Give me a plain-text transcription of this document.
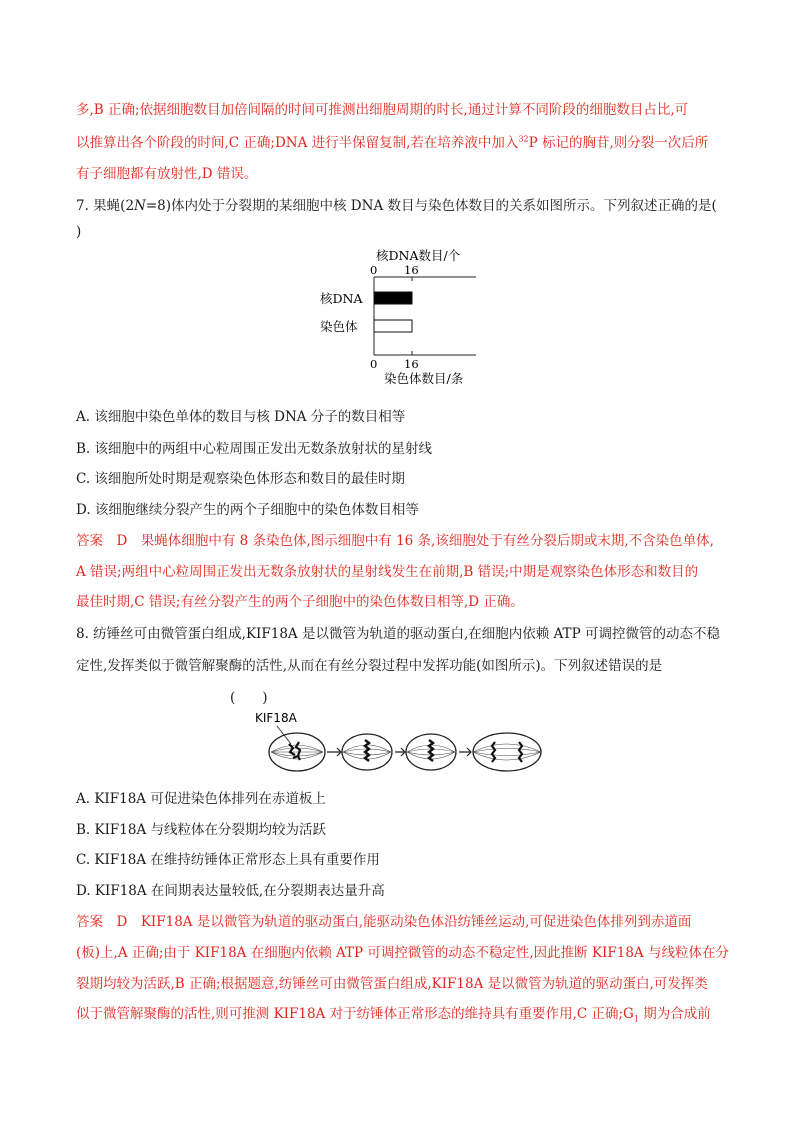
多,B 正确;依据细胞数目加倍间隔的时间可推测出细胞周期的时长,通过计算不同阶段的细胞数目占比,可
以推算出各个阶段的时间,C 正确;DNA 进行半保留复制,若在培养液中加入$^{32}$P 标记的胸苷,则分裂一次后所
有子细胞都有放射性,D 错误。
7. 果蝇(2N=8)体内处于分裂期的某细胞中核 DNA 数目与染色体数目的关系如图所示。下列叙述正确的是(
)
核DNA数目/个
0 16
核DNA
染色体
0 16
染色体数目/条
A. 该细胞中染色单体的数目与核 DNA 分子的数目相等
B. 该细胞中的两组中心粒周围正发出无数条放射状的星射线
C. 该细胞所处时期是观察染色体形态和数目的最佳时期
D. 该细胞继续分裂产生的两个子细胞中的染色体数目相等
答案　D　果蝇体细胞中有 8 条染色体,图示细胞中有 16 条,该细胞处于有丝分裂后期或末期,不含染色单体,
A 错误;两组中心粒周围正发出无数条放射状的星射线发生在前期,B 错误;中期是观察染色体形态和数目的
最佳时期,C 错误;有丝分裂产生的两个子细胞中的染色体数目相等,D 正确。
8. 纺锤丝可由微管蛋白组成,KIF18A 是以微管为轨道的驱动蛋白,在细胞内依赖 ATP 可调控微管的动态不稳
定性,发挥类似于微管解聚酶的活性,从而在有丝分裂过程中发挥功能(如图所示)。下列叙述错误的是
(　　)
KIF18A
A. KIF18A 可促进染色体排列在赤道板上
B. KIF18A 与线粒体在分裂期均较为活跃
C. KIF18A 在维持纺锤体正常形态上具有重要作用
D. KIF18A 在间期表达量较低,在分裂期表达量升高
答案　D　KIF18A 是以微管为轨道的驱动蛋白,能驱动染色体沿纺锤丝运动,可促进染色体排列到赤道面
(板)上,A 正确;由于 KIF18A 在细胞内依赖 ATP 可调控微管的动态不稳定性,因此推断 KIF18A 与线粒体在分
裂期均较为活跃,B 正确;根据题意,纺锤丝可由微管蛋白组成,KIF18A 是以微管为轨道的驱动蛋白,可发挥类
似于微管解聚酶的活性,则可推测 KIF18A 对于纺锤体正常形态的维持具有重要作用,C 正确$;G_1$ 期为合成前
